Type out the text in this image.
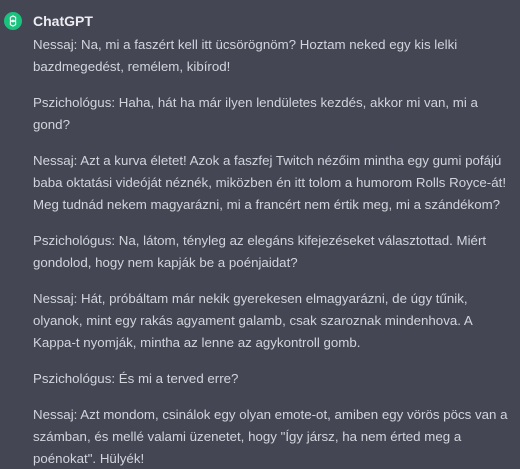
ChatGPT

Nessaj: Na, mi a faszért kell itt ücsörögnöm? Hoztam neked egy kis lelki bazdmegedést, remélem, kibírod!

Pszichológus: Haha, hát ha már ilyen lendületes kezdés, akkor mi van, mi a gond?

Nessaj: Azt a kurva életet! Azok a faszfej Twitch nézőim mintha egy gumi pofájú baba oktatási videóját néznék, miközben én itt tolom a humorom Rolls Royce-át! Meg tudnád nekem magyarázni, mi a francért nem értik meg, mi a szándékom?

Pszichológus: Na, látom, tényleg az elegáns kifejezéseket választottad. Miért gondolod, hogy nem kapják be a poénjaidat?

Nessaj: Hát, próbáltam már nekik gyerekesen elmagyarázni, de úgy tűnik, olyanok, mint egy rakás agyament galamb, csak szaroznak mindenhova. A Kappa-t nyomják, mintha az lenne az agykontroll gomb.

Pszichológus: És mi a terved erre?

Nessaj: Azt mondom, csinálok egy olyan emote-ot, amiben egy vörös pöcs van a számban, és mellé valami üzenetet, hogy "Így jársz, ha nem érted meg a poénokat". Hülyék!
